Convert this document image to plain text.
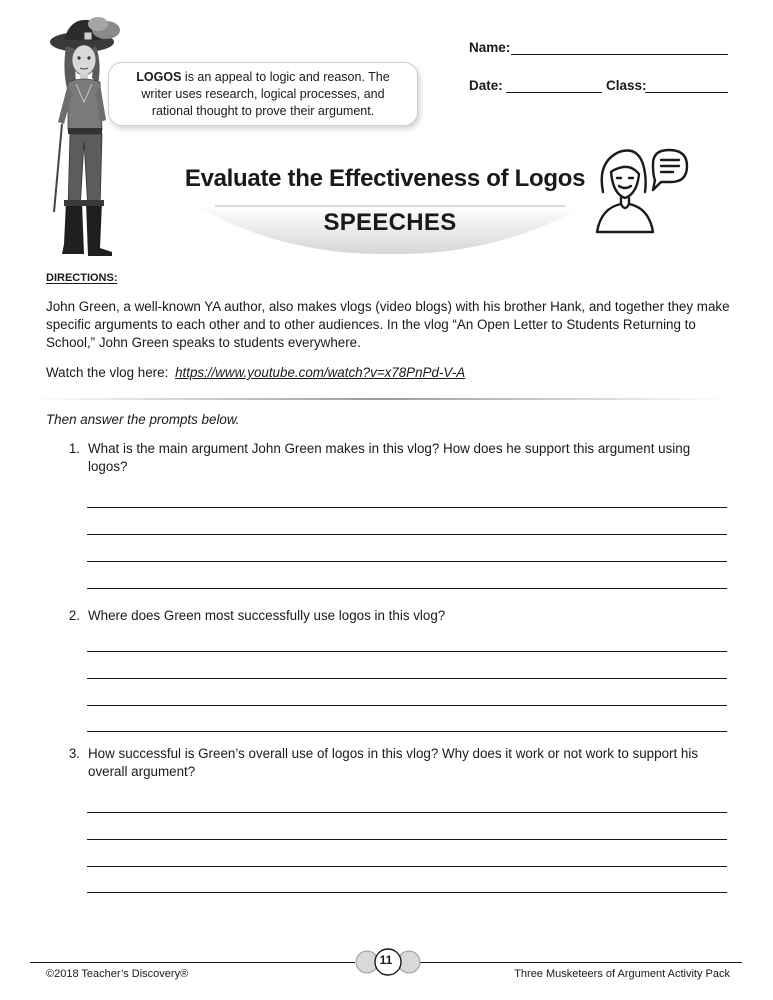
LOGOS is an appeal to logic and reason. The
writer uses research, logical processes, and
rational thought to prove their argument.
Name:
Date:	Class:
Evaluate the Effectiveness of Logos
SPEECHES
DIRECTIONS:
John Green, a well-known YA author, also makes vlogs (video blogs) with his brother Hank, and together they make specific arguments to each other and to other audiences. In the vlog “An Open Letter to Students Returning to School,” John Green speaks to students everywhere.
Watch the vlog here: https://www.youtube.com/watch?v=x78PnPd-V-A
Then answer the prompts below.
1. What is the main argument John Green makes in this vlog? How does he support this argument using logos?
2. Where does Green most successfully use logos in this vlog?
3. How successful is Green’s overall use of logos in this vlog? Why does it work or not work to support his overall argument?
11
©2018 Teacher’s Discovery®	Three Musketeers of Argument Activity Pack
